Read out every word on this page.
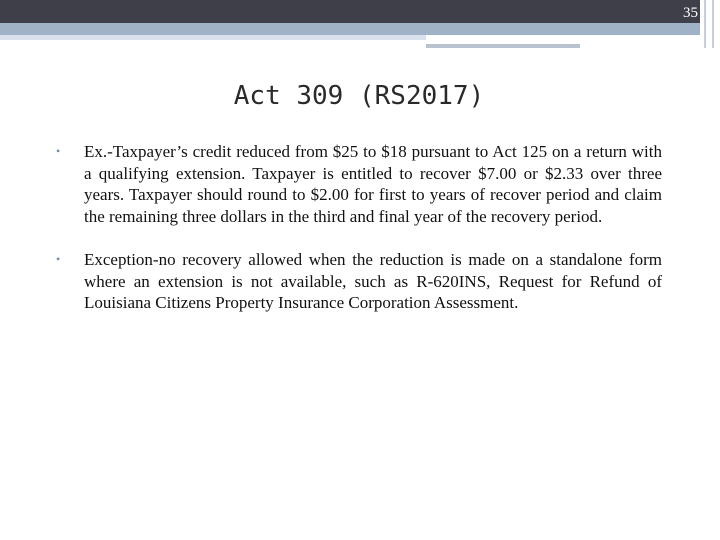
35
Act 309 (RS2017)
•	Ex.-Taxpayer’s credit reduced from $25 to $18 pursuant to Act 125 on a return with a qualifying extension. Taxpayer is entitled to recover $7.00 or $2.33 over three years. Taxpayer should round to $2.00 for first to years of recover period and claim the remaining three dollars in the third and final year of the recovery period.
•	Exception-no recovery allowed when the reduction is made on a standalone form where an extension is not available, such as R-620INS, Request for Refund of Louisiana Citizens Property Insurance Corporation Assessment.
